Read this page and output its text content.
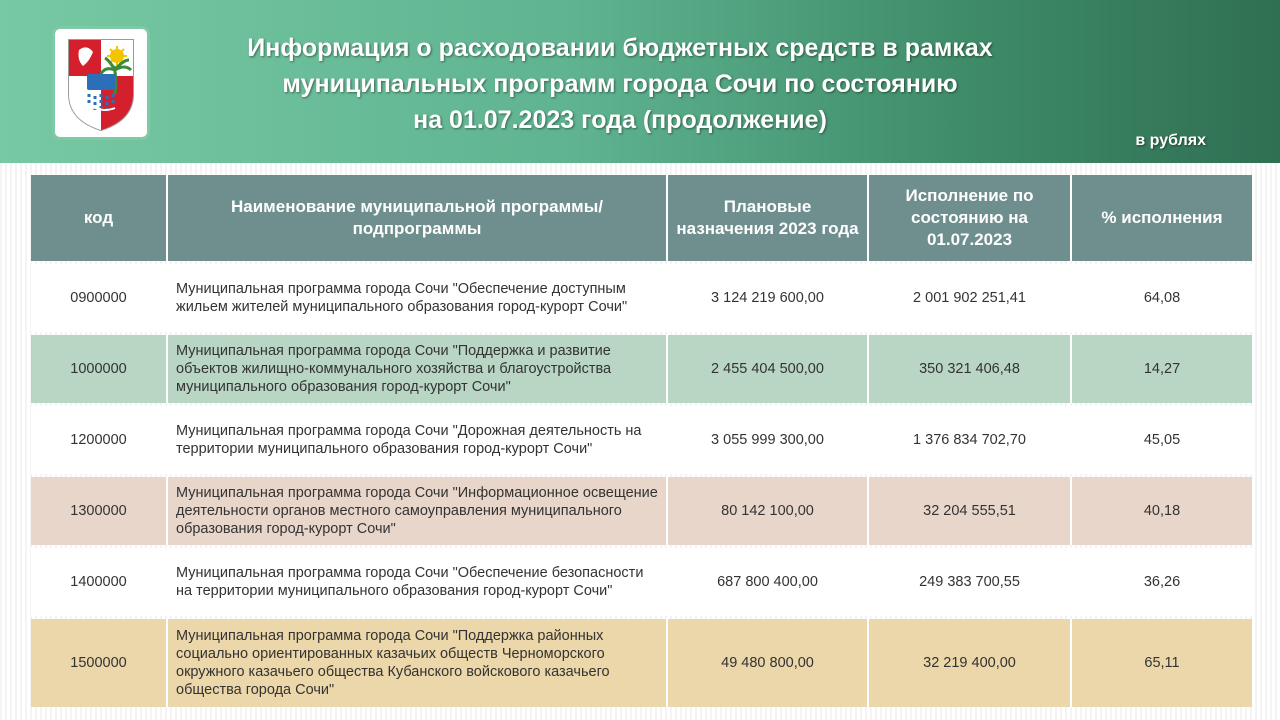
Информация о расходовании бюджетных средств в рамках
муниципальных программ города Сочи по состоянию
на 01.07.2023 года (продолжение)
в рублях
код	Наименование муниципальной программы/подпрограммы	Плановые назначения 2023 года	Исполнение по состоянию на 01.07.2023	% исполнения
0900000	Муниципальная программа города Сочи "Обеспечение доступным жильем жителей муниципального образования город-курорт Сочи"	3 124 219 600,00	2 001 902 251,41	64,08
1000000	Муниципальная программа города Сочи "Поддержка и развитие объектов жилищно-коммунального хозяйства и благоустройства муниципального образования город-курорт Сочи"	2 455 404 500,00	350 321 406,48	14,27
1200000	Муниципальная программа города Сочи "Дорожная деятельность на территории муниципального образования город-курорт Сочи"	3 055 999 300,00	1 376 834 702,70	45,05
1300000	Муниципальная программа города Сочи "Информационное освещение деятельности органов местного самоуправления муниципального образования город-курорт Сочи"	80 142 100,00	32 204 555,51	40,18
1400000	Муниципальная программа города Сочи "Обеспечение безопасности на территории муниципального образования город-курорт Сочи"	687 800 400,00	249 383 700,55	36,26
1500000	Муниципальная программа города Сочи "Поддержка районных социально ориентированных казачьих обществ Черноморского окружного казачьего общества Кубанского войскового казачьего общества города Сочи"	49 480 800,00	32 219 400,00	65,11
